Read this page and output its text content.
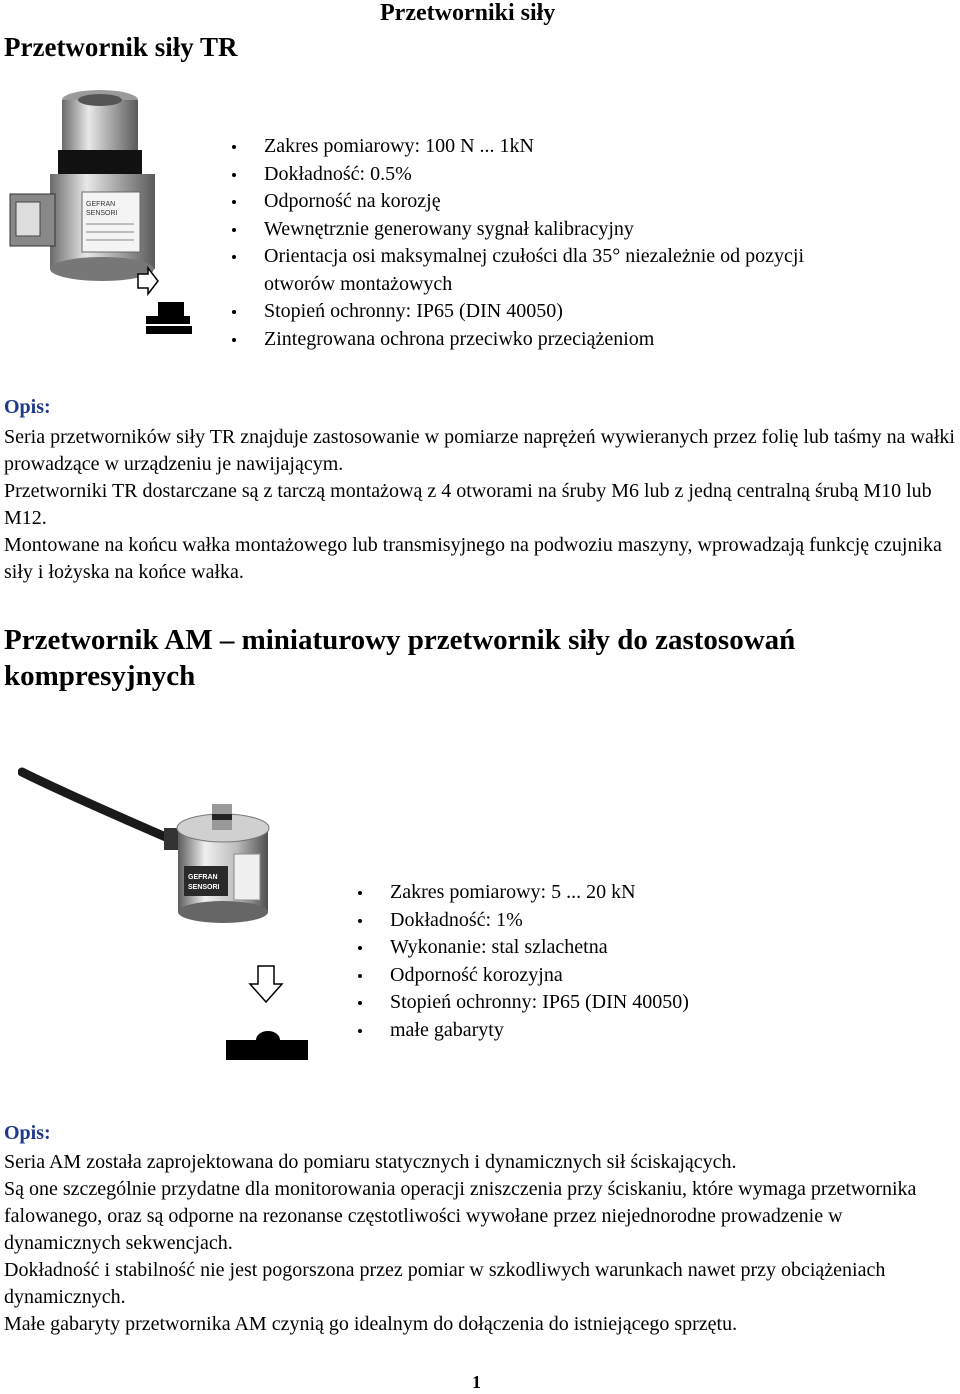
Przetworniki siły
Przetwornik siły TR
GEFRAN
SENSORI
Zakres pomiarowy: 100 N ... 1kN
Dokładność: 0.5%
Odporność na korozję
Wewnętrznie generowany sygnał kalibracyjny
Orientacja osi maksymalnej czułości dla 35° niezależnie od pozycji
otworów montażowych
Stopień ochronny: IP65 (DIN 40050)
Zintegrowana ochrona przeciwko przeciążeniom
Opis:

Seria przetworników siły TR znajduje zastosowanie w pomiarze naprężeń wywieranych przez folię lub taśmy na wałki prowadzące w urządzeniu je nawijającym.

Przetworniki TR dostarczane są z tarczą montażową z 4 otworami na śruby M6 lub z jedną centralną śrubą M10 lub M12.

Montowane na końcu wałka montażowego lub transmisyjnego na podwoziu maszyny, wprowadzają funkcję czujnika siły i łożyska na końce wałka.

Przetwornik AM – miniaturowy przetwornik siły do zastosowań
kompresyjnych
GEFRAN
SENSORI	Zakres pomiarowy: 5 ... 20 kN
Dokładność: 1%
Wykonanie: stal szlachetna
Odporność korozyjna
Stopień ochronny: IP65 (DIN 40050)
małe gabaryty
Opis:

Seria AM została zaprojektowana do pomiaru statycznych i dynamicznych sił ściskających.

Są one szczególnie przydatne dla monitorowania operacji zniszczenia przy ściskaniu, które wymaga przetwornika falowanego, oraz są odporne na rezonanse częstotliwości wywołane przez niejednorodne prowadzenie w dynamicznych sekwencjach.

Dokładność i stabilność nie jest pogorszona przez pomiar w szkodliwych warunkach nawet przy obciążeniach dynamicznych.

Małe gabaryty przetwornika AM czynią go idealnym do dołączenia do istniejącego sprzętu.

1
